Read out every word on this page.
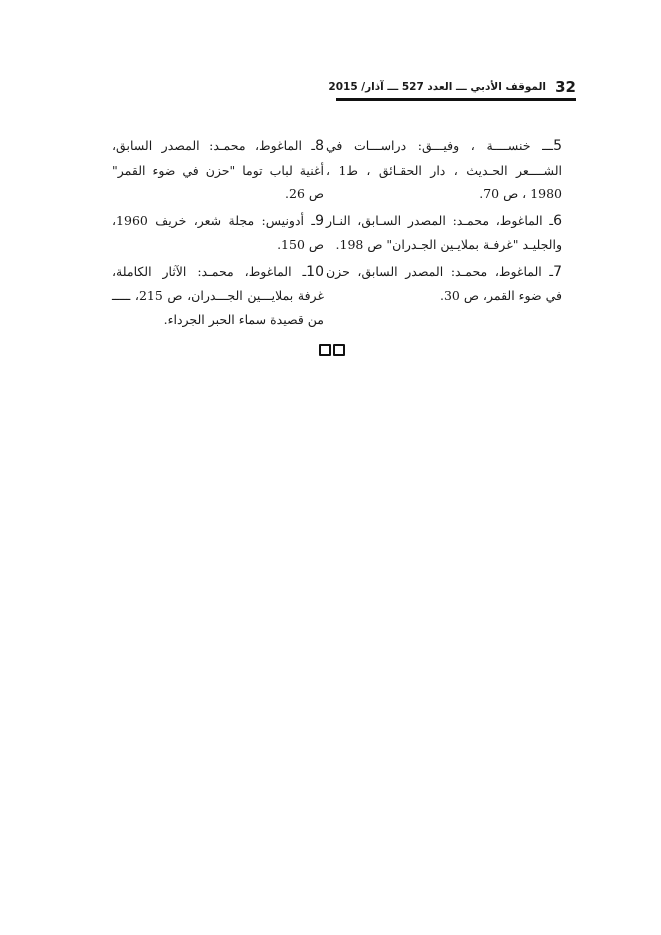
32
الموقف الأدبي ـــ العدد 527 ـــ آذار/ 2015

5ـــ خنســــة ، وفيـــق: دراســـات في الشــــعر الحـديث ، دار الحقـائق ، ط1 ، 1980 ، ص 70.

6ـ الماغوط، محمـد: المصدر السـابق، النـار والجليـد "غرفـة بملايـين الجـدران" ص 198.

7ـ الماغوط، محمـد: المصدر السابق، حزن في ضوء القمر، ص 30.

8ـ الماغوط، محمـد: المصدر السابق، أغنية لباب توما "حزن في ضوء القمر" ص 26.

9ـ أدونيس: مجلة شعر، خريف 1960، ص 150.

10ـ الماغوط، محمـد: الآثار الكاملة، غرفة بملايـــين الجـــدران، ص 215، ـــــ من قصيدة سماء الحبر الجرداء.
